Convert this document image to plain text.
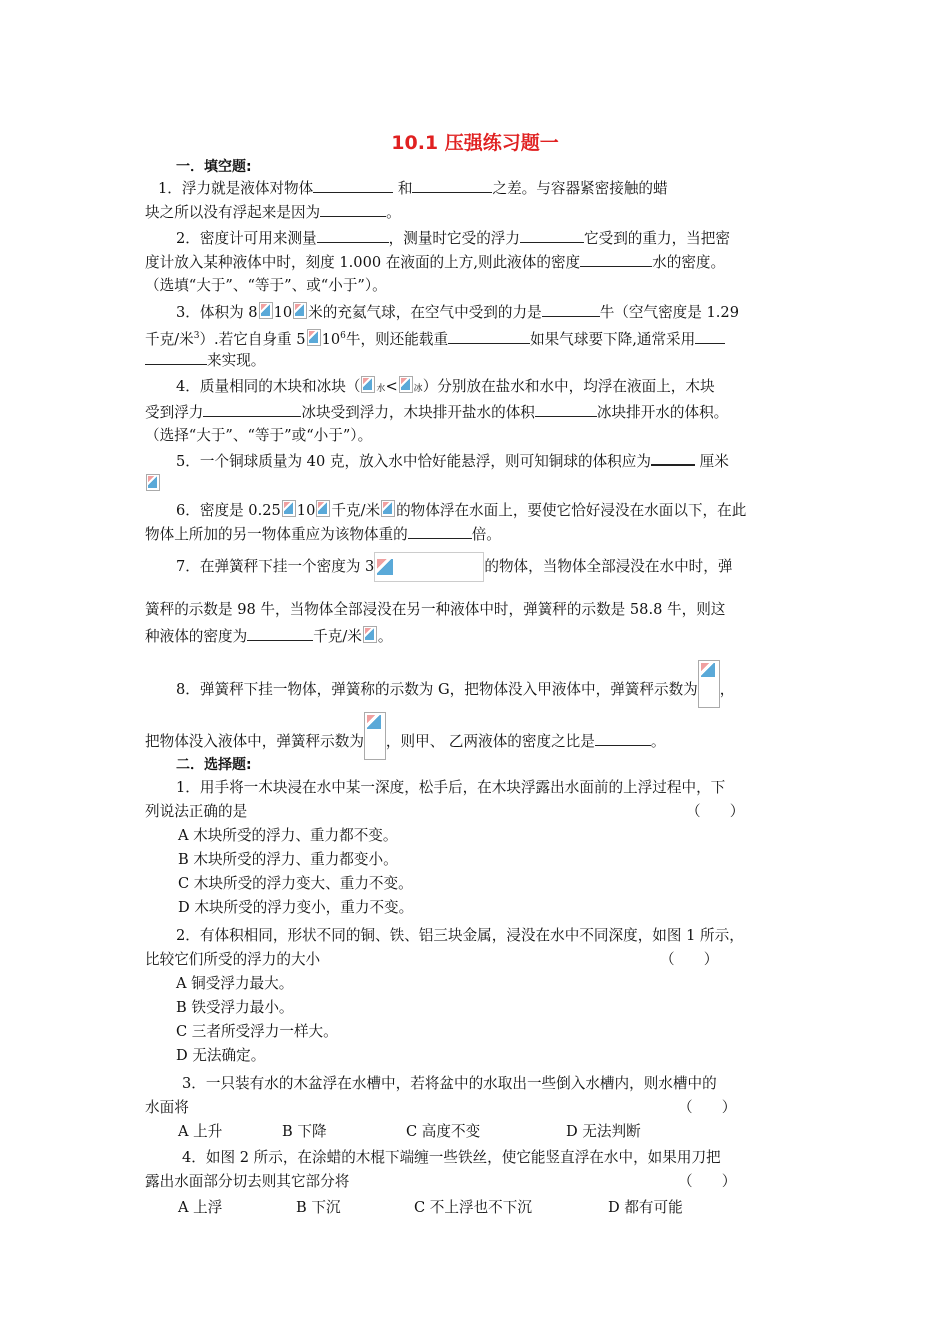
10.1 压强练习题一
一．填空题:
1．浮力就是液体对物体	和	之差。与容器紧密接触的蜡
块之所以没有浮起来是因为	。
2．密度计可用来测量	，测量时它受的浮力	它受到的重力，当把密
度计放入某种液体中时，刻度 1.000 在液面的上方,则此液体的密度	水的密度。
（选填“大于”、“等于”、或“小于”）。
3．体积为 8 10 米的充氦气球，在空气中受到的力是	牛（空气密度是 1.29
千克/米$^3$）.若它自身重 5 $10^6$牛，则还能载重	如果气球要下降,通常采用
来实现。
4．质量相同的木块和冰块（ 水< 冰）分别放在盐水和水中，均浮在液面上，木块
受到浮力	冰块受到浮力，木块排开盐水的体积	冰块排开水的体积。
（选择“大于”、“等于”或“小于”）。
5．一个铜球质量为 40 克，放入水中恰好能悬浮，则可知铜球的体积应为	厘米
6．密度是 0.25 10 千克/米 的物体浮在水面上，要使它恰好浸没在水面以下，在此
物体上所加的另一物体重应为该物体重的	倍。
7．在弹簧秤下挂一个密度为 3	的物体，当物体全部浸没在水中时，弹
簧秤的示数是 98 牛，当物体全部浸没在另一种液体中时，弹簧秤的示数是 58.8 牛，则这
种液体的密度为	千克/米 。
8．弹簧秤下挂一物体，弹簧称的示数为 G，把物体没入甲液体中，弹簧秤示数为 ，
把物体没入液体中，弹簧秤示数为 ，则甲、 乙两液体的密度之比是	。
二．选择题:
1．用手将一木块浸在水中某一深度，松手后，在木块浮露出水面前的上浮过程中，下
列说法正确的是	（　　）
A 木块所受的浮力、重力都不变。
B 木块所受的浮力、重力都变小。
C 木块所受的浮力变大、重力不变。
D 木块所受的浮力变小，重力不变。
2．有体积相同，形状不同的铜、铁、铝三块金属，浸没在水中不同深度，如图 1 所示，
比较它们所受的浮力的大小	（　　）
A 铜受浮力最大。
B 铁受浮力最小。
C 三者所受浮力一样大。
D 无法确定。
3．一只装有水的木盆浮在水槽中，若将盆中的水取出一些倒入水槽内，则水槽中的
水面将	（　　）
A 上升	B 下降	C 高度不变	D 无法判断
4．如图 2 所示，在涂蜡的木棍下端缠一些铁丝，使它能竖直浮在水中，如果用刀把
露出水面部分切去则其它部分将	（　　）
A 上浮	B 下沉	C 不上浮也不下沉	D 都有可能
